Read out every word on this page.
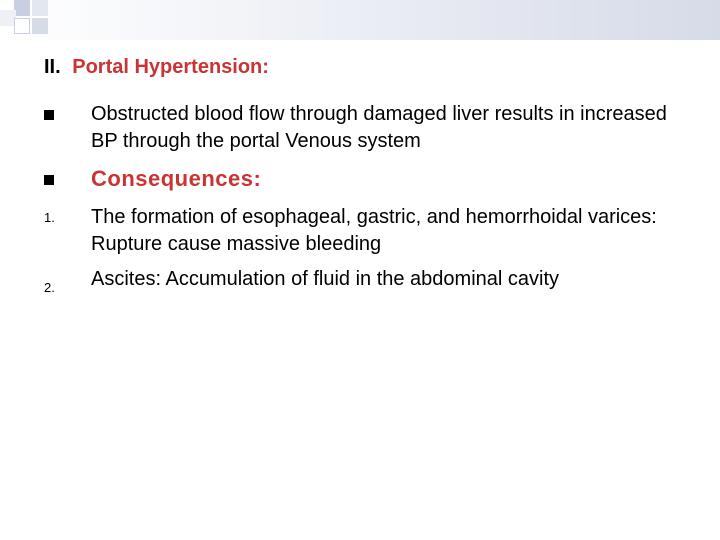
II. Portal Hypertension:
Obstructed blood flow through damaged liver results in increased BP through the portal Venous system
Consequences:
1. The formation of esophageal, gastric, and hemorrhoidal varices: Rupture cause massive bleeding
2. Ascites: Accumulation of fluid in the abdominal cavity
